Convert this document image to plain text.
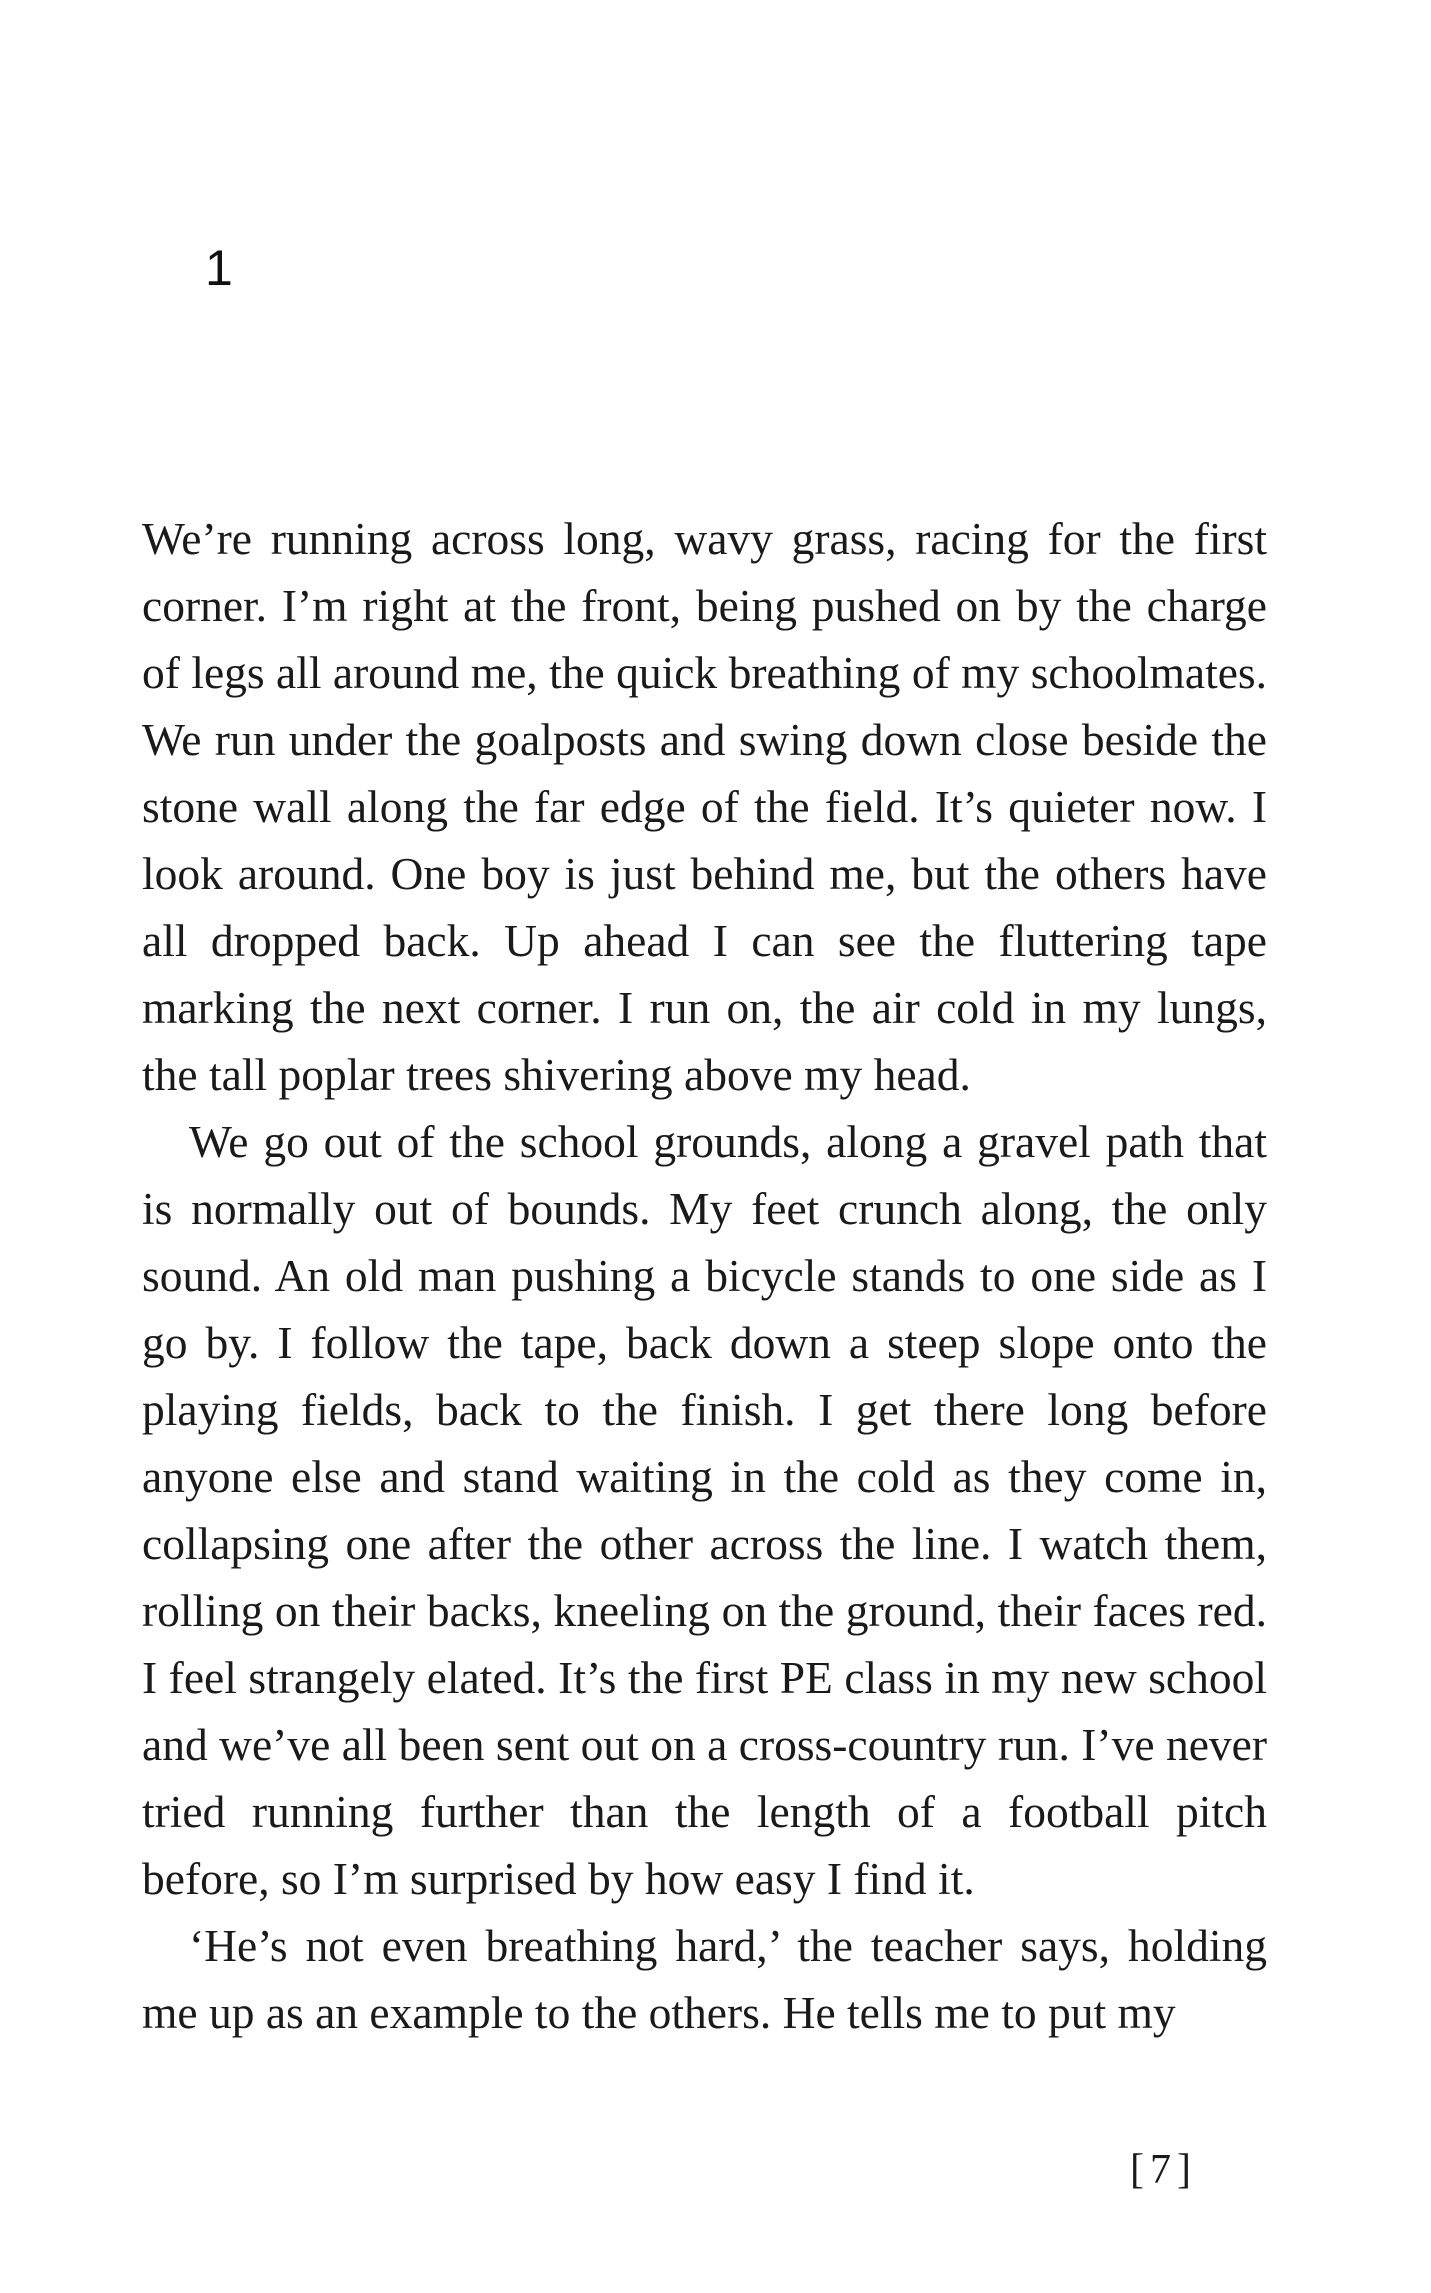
1

We’re running across long, wavy grass, racing for the first corner. I’m right at the front, being pushed on by the charge of legs all around me, the quick breathing of my schoolmates. We run under the goalposts and swing down close beside the stone wall along the far edge of the field. It’s quieter now. I look around. One boy is just behind me, but the others have all dropped back. Up ahead I can see the fluttering tape marking the next corner. I run on, the air cold in my lungs, the tall poplar trees shivering above my head.

We go out of the school grounds, along a gravel path that is normally out of bounds. My feet crunch along, the only sound. An old man pushing a bicycle stands to one side as I go by. I follow the tape, back down a steep slope onto the playing fields, back to the finish. I get there long before anyone else and stand waiting in the cold as they come in, collapsing one after the other across the line. I watch them, rolling on their backs, kneeling on the ground, their faces red. I feel strangely elated. It’s the first PE class in my new school and we’ve all been sent out on a cross-country run. I’ve never tried running further than the length of a football pitch before, so I’m surprised by how easy I find it.

‘He’s not even breathing hard,’ the teacher says, holding me up as an example to the others. He tells me to put my

[7]
